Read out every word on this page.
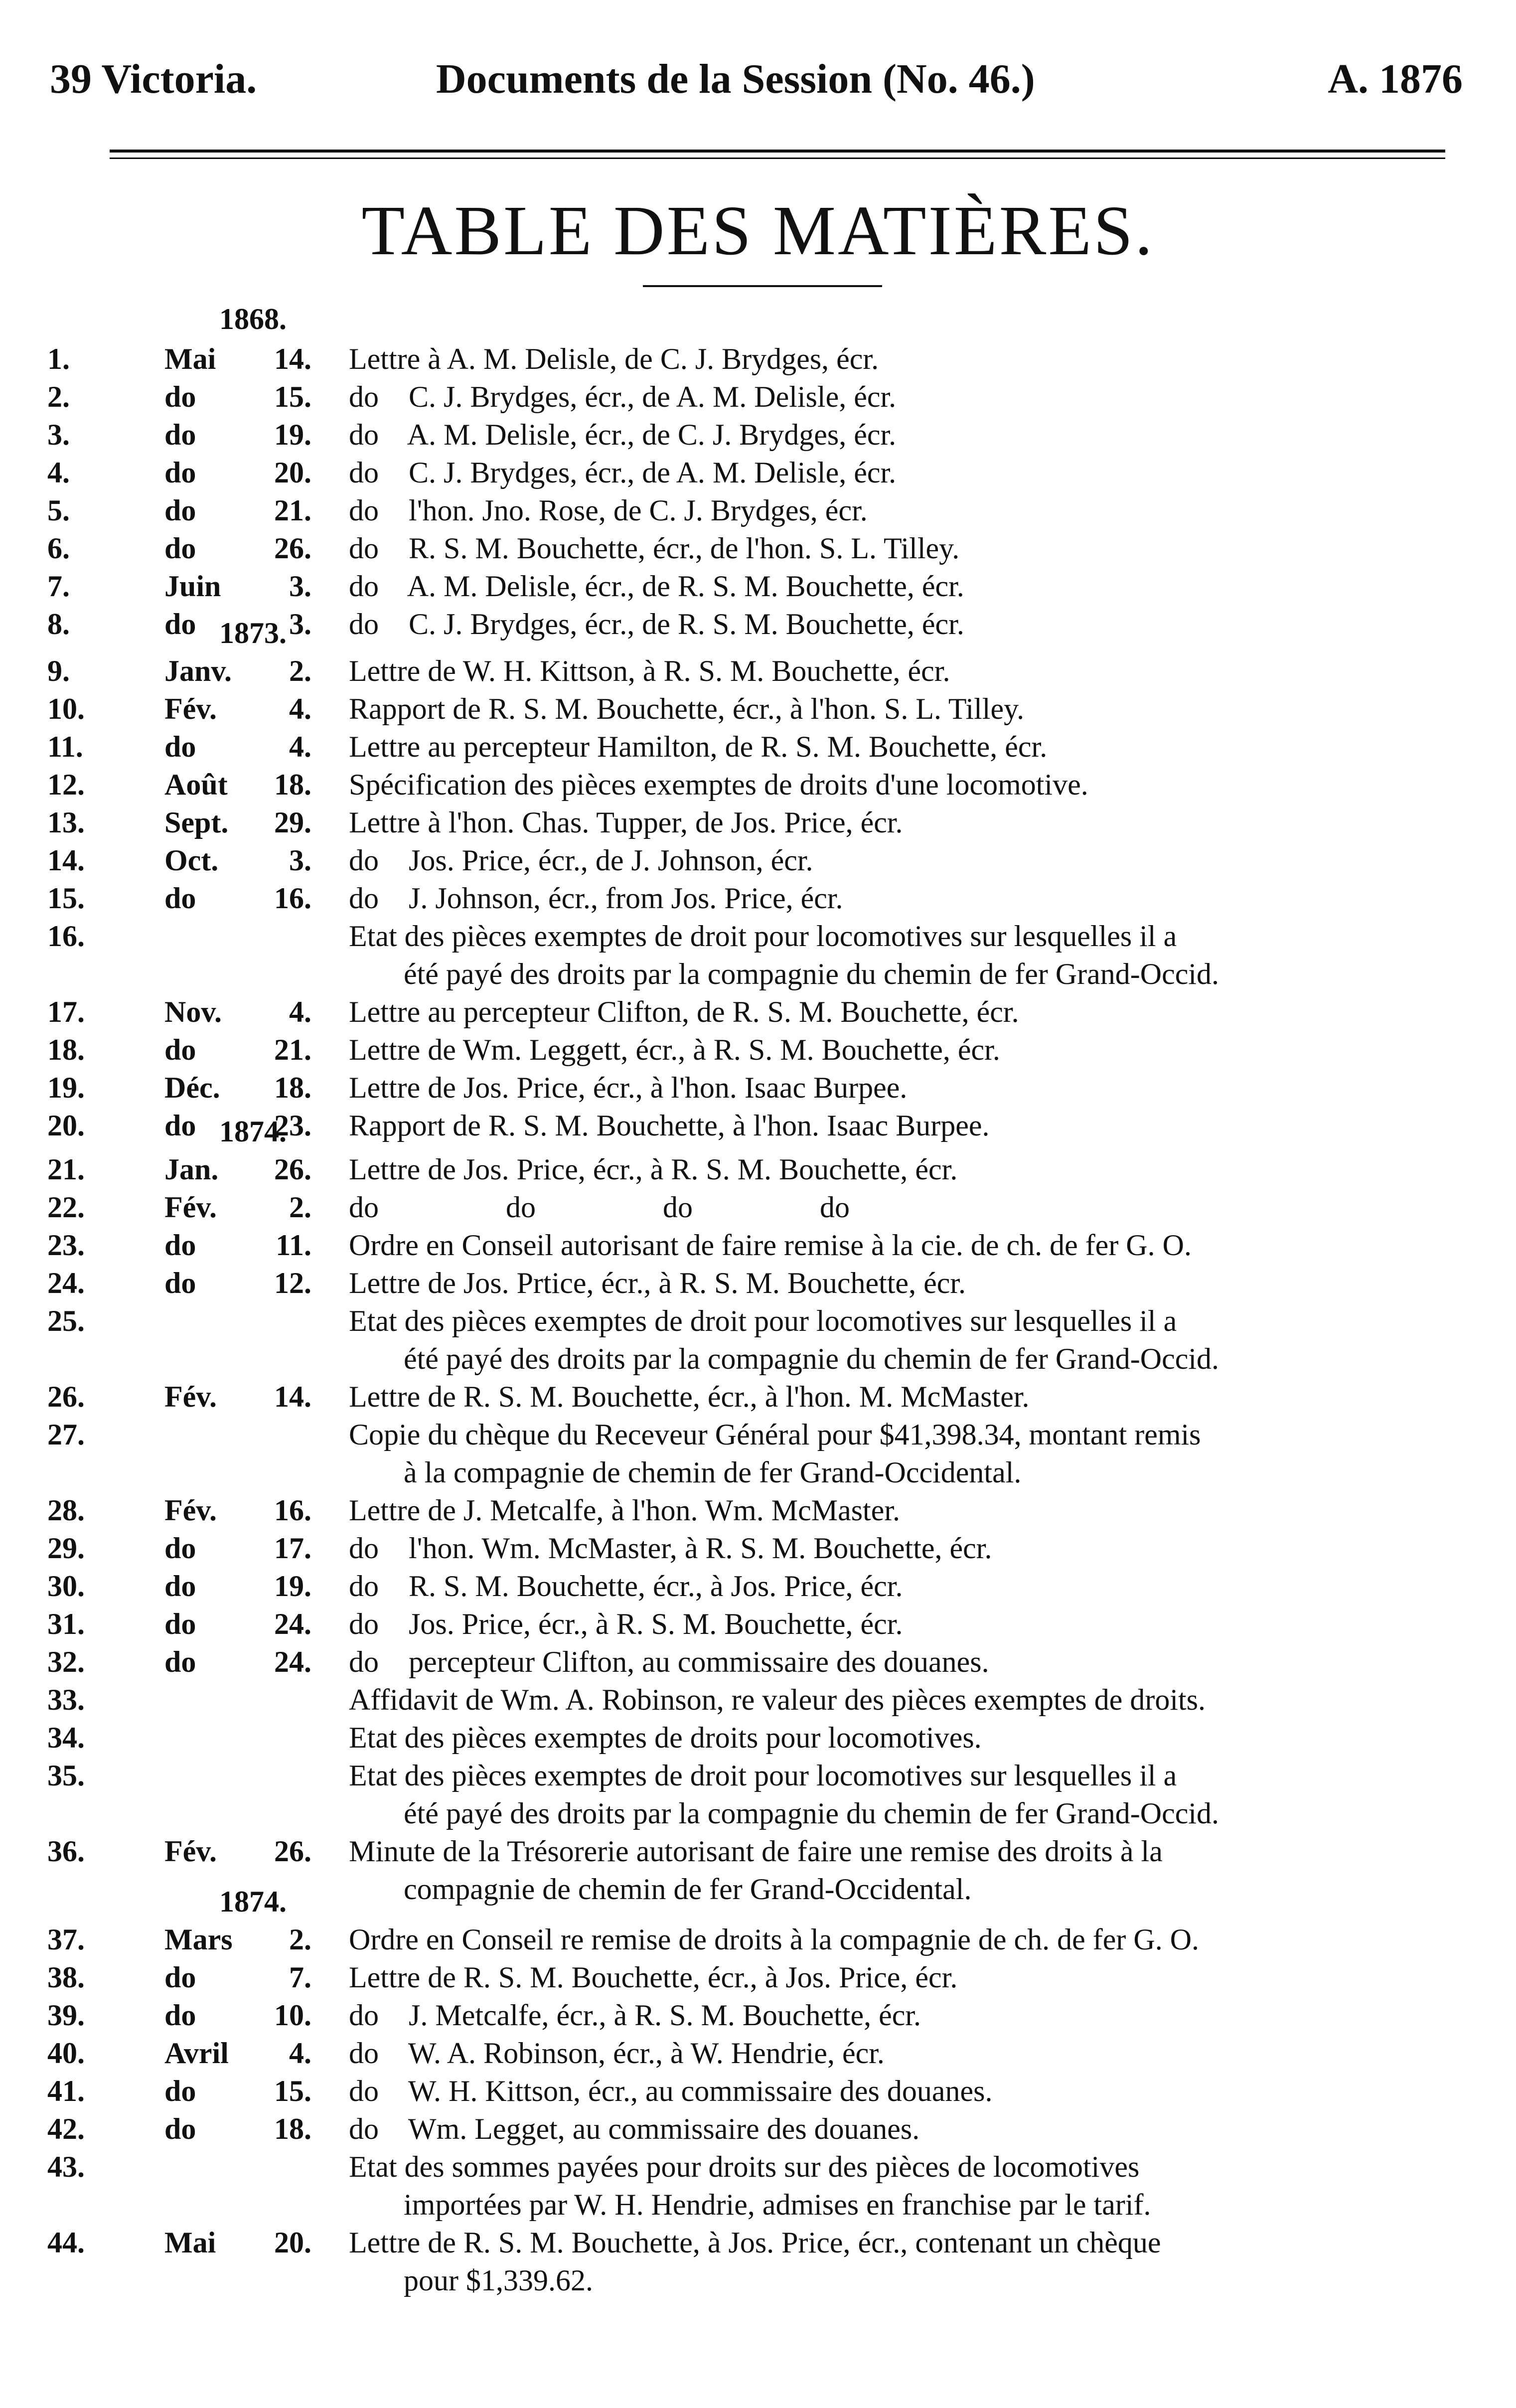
39 Victoria.	Documents de la Session (No. 46.)	A. 1876
TABLE DES MATIÈRES.
1868.
1873.
1874.
1874.
1.	Mai 14. Lettre à A. M. Delisle, de C. J. Brydges, écr.
2.	do	15. do    C. J. Brydges, écr., de A. M. Delisle, écr.
3.	do	19. do    A. M. Delisle, écr., de C. J. Brydges, écr.
4.	do	20. do    C. J. Brydges, écr., de A. M. Delisle, écr.
5.	do	21. do    l'hon. Jno. Rose, de C. J. Brydges, écr.
6.	do	26. do    R. S. M. Bouchette, écr., de l'hon. S. L. Tilley.
7.	Juin 3. do    A. M. Delisle, écr., de R. S. M. Bouchette, écr.
8.	do	3. do    C. J. Brydges, écr., de R. S. M. Bouchette, écr.
9.	Janv. 2. Lettre de W. H. Kittson, à R. S. M. Bouchette, écr.
10.	Fév. 4. Rapport de R. S. M. Bouchette, écr., à l'hon. S. L. Tilley.
11.	do	4. Lettre au percepteur Hamilton, de R. S. M. Bouchette, écr.
12.	Août 18. Spécification des pièces exemptes de droits d'une locomotive.
13.	Sept. 29. Lettre à l'hon. Chas. Tupper, de Jos. Price, écr.
14.	Oct. 3. do    Jos. Price, écr., de J. Johnson, écr.
15.	do	16. do    J. Johnson, écr., from Jos. Price, écr.
16.	Etat des pièces exemptes de droit pour locomotives sur lesquelles il a
été payé des droits par la compagnie du chemin de fer Grand-Occid.
17.	Nov. 4. Lettre au percepteur Clifton, de R. S. M. Bouchette, écr.
18.	do	21. Lettre de Wm. Leggett, écr., à R. S. M. Bouchette, écr.
19.	Déc. 18. Lettre de Jos. Price, écr., à l'hon. Isaac Burpee.
20.	do	23. Rapport de R. S. M. Bouchette, à l'hon. Isaac Burpee.
21.	Jan. 26. Lettre de Jos. Price, écr., à R. S. M. Bouchette, écr.
22.	Fév. 2. do                 do                 do                 do
23.	do	11. Ordre en Conseil autorisant de faire remise à la cie. de ch. de fer G. O.
24.	do	12. Lettre de Jos. Prtice, écr., à R. S. M. Bouchette, écr.
25.	Etat des pièces exemptes de droit pour locomotives sur lesquelles il a
été payé des droits par la compagnie du chemin de fer Grand-Occid.
26.	Fév. 14. Lettre de R. S. M. Bouchette, écr., à l'hon. M. McMaster.
27.	Copie du chèque du Receveur Général pour $41,398.34, montant remis
à la compagnie de chemin de fer Grand-Occidental.
28.	Fév. 16. Lettre de J. Metcalfe, à l'hon. Wm. McMaster.
29.	do	17. do    l'hon. Wm. McMaster, à R. S. M. Bouchette, écr.
30.	do	19. do    R. S. M. Bouchette, écr., à Jos. Price, écr.
31.	do	24. do    Jos. Price, écr., à R. S. M. Bouchette, écr.
32.	do	24. do    percepteur Clifton, au commissaire des douanes.
33.	Affidavit de Wm. A. Robinson, re valeur des pièces exemptes de droits.
34.	Etat des pièces exemptes de droits pour locomotives.
35.	Etat des pièces exemptes de droit pour locomotives sur lesquelles il a
été payé des droits par la compagnie du chemin de fer Grand-Occid.
36.	Fév. 26. Minute de la Trésorerie autorisant de faire une remise des droits à la
compagnie de chemin de fer Grand-Occidental.
37.	Mars 2. Ordre en Conseil re remise de droits à la compagnie de ch. de fer G. O.
38.	do	7. Lettre de R. S. M. Bouchette, écr., à Jos. Price, écr.
39.	do	10. do    J. Metcalfe, écr., à R. S. M. Bouchette, écr.
40.	Avril 4. do    W. A. Robinson, écr., à W. Hendrie, écr.
41.	do	15. do    W. H. Kittson, écr., au commissaire des douanes.
42.	do	18. do    Wm. Legget, au commissaire des douanes.
43.	Etat des sommes payées pour droits sur des pièces de locomotives
importées par W. H. Hendrie, admises en franchise par le tarif.
44.	Mai 20. Lettre de R. S. M. Bouchette, à Jos. Price, écr., contenant un chèque
pour $1,339.62.
